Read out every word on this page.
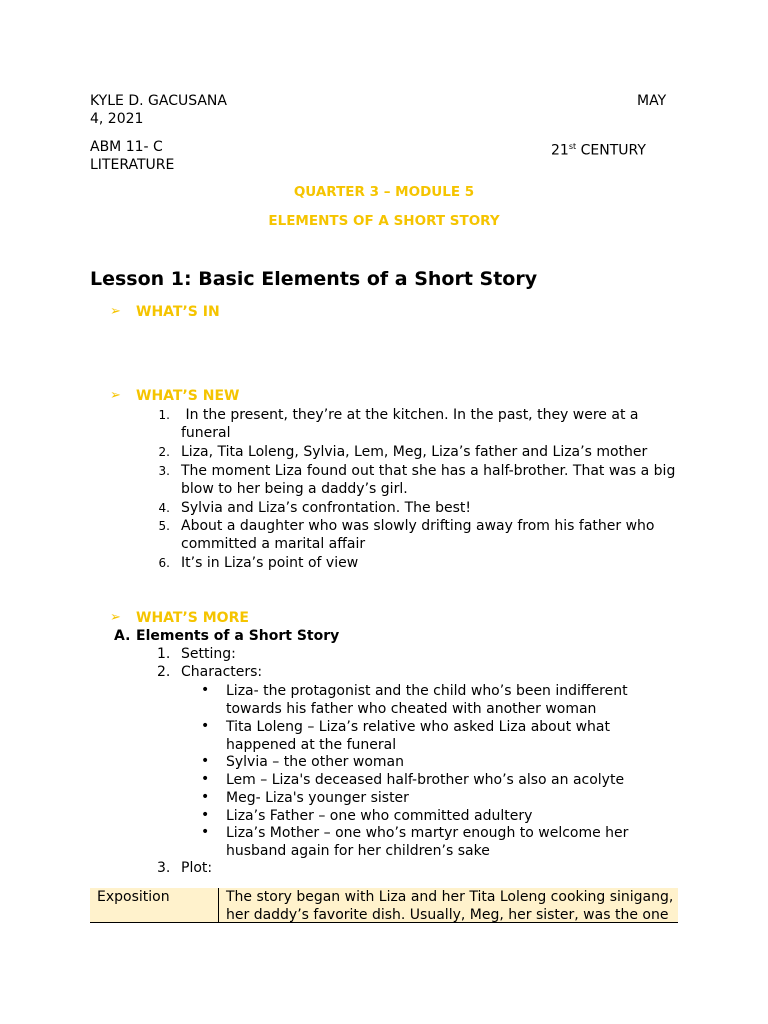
KYLE D. GACUSANA	MAY
4, 2021
ABM 11- C	21st CENTURY
LITERATURE
QUARTER 3 – MODULE 5
ELEMENTS OF A SHORT STORY
Lesson 1: Basic Elements of a Short Story
➢ WHAT’S IN
➢ WHAT’S NEW
1. In the present, they’re at the kitchen. In the past, they were at a
funeral
2. Liza, Tita Loleng, Sylvia, Lem, Meg, Liza’s father and Liza’s mother
3. The moment Liza found out that she has a half-brother. That was a big
blow to her being a daddy’s girl.
4. Sylvia and Liza’s confrontation. The best!
5. About a daughter who was slowly drifting away from his father who
committed a marital affair
6. It’s in Liza’s point of view
➢ WHAT’S MORE
A. Elements of a Short Story
1. Setting:
2. Characters:
• Liza- the protagonist and the child who’s been indifferent
towards his father who cheated with another woman
• Tita Loleng – Liza’s relative who asked Liza about what
happened at the funeral
• Sylvia – the other woman
• Lem – Liza's deceased half-brother who’s also an acolyte
• Meg- Liza's younger sister
• Liza’s Father – one who committed adultery
• Liza’s Mother – one who’s martyr enough to welcome her
husband again for her children’s sake
3. Plot:
Exposition	The story began with Liza and her Tita Loleng cooking sinigang,
her daddy’s favorite dish. Usually, Meg, her sister, was the one
